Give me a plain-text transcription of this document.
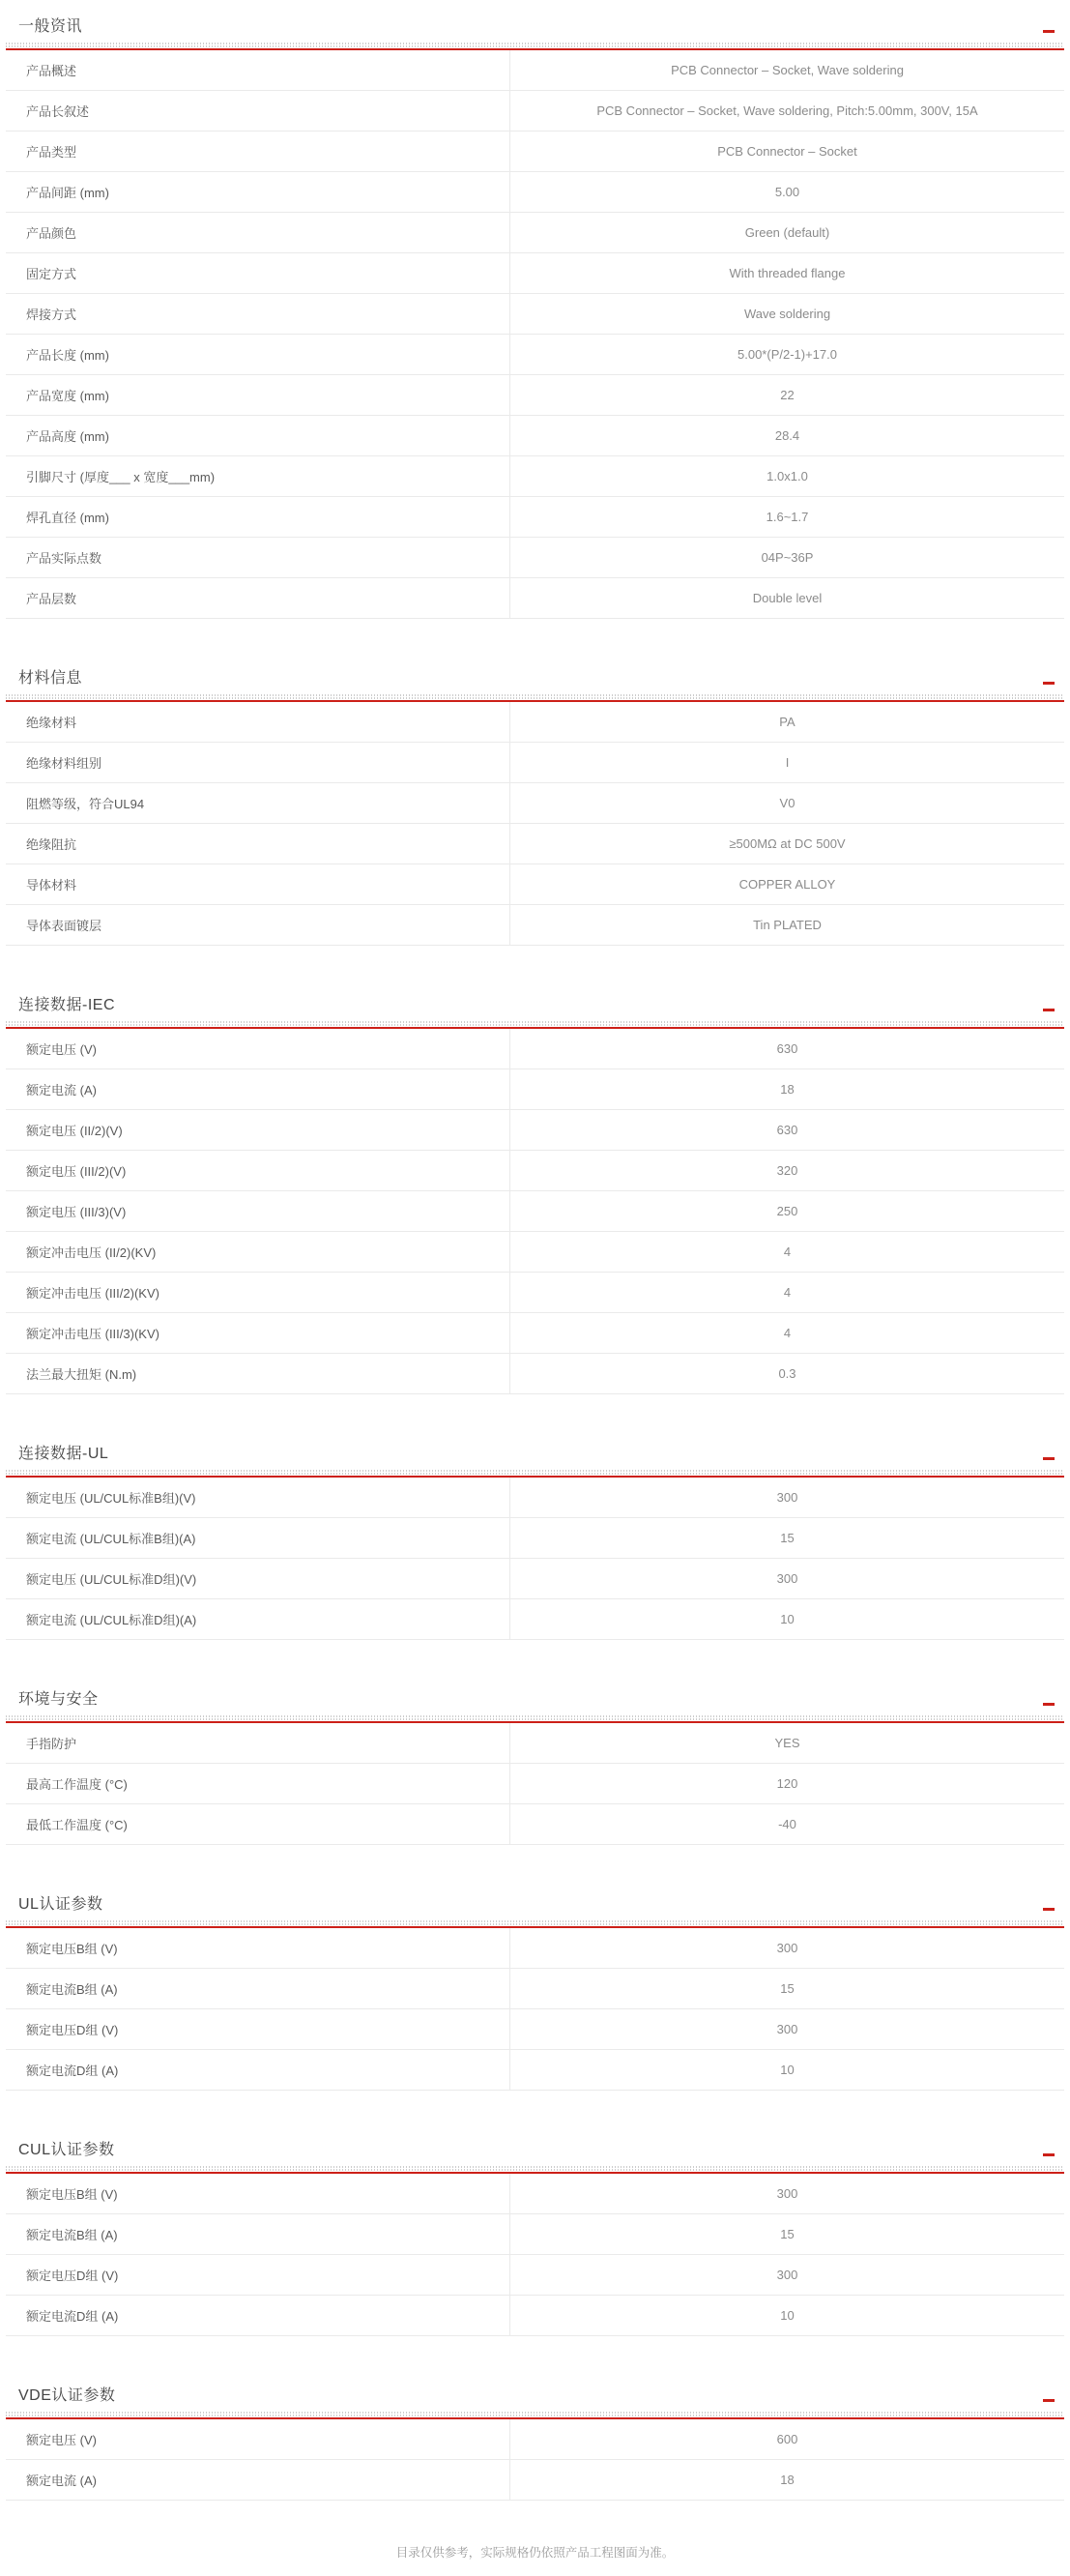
一般资讯
产品概述	PCB Connector – Socket, Wave soldering
产品长叙述	PCB Connector – Socket, Wave soldering, Pitch:5.00mm, 300V, 15A
产品类型	PCB Connector – Socket
产品间距 (mm)	5.00
产品颜色	Green (default)
固定方式	With threaded flange
焊接方式	Wave soldering
产品长度 (mm)	5.00*(P/2-1)+17.0
产品宽度 (mm)	22
产品高度 (mm)	28.4
引脚尺寸 (厚度___ x 宽度___mm)	1.0x1.0
焊孔直径 (mm)	1.6~1.7
产品实际点数	04P~36P
产品层数	Double level
材料信息
绝缘材料	PA
绝缘材料组别	I
阻燃等级，符合UL94	V0
绝缘阻抗	≥500MΩ at DC 500V
导体材料	COPPER ALLOY
导体表面镀层	Tin PLATED
连接数据-IEC
额定电压 (V)	630
额定电流 (A)	18
额定电压 (II/2)(V)	630
额定电压 (III/2)(V)	320
额定电压 (III/3)(V)	250
额定冲击电压 (II/2)(KV)	4
额定冲击电压 (III/2)(KV)	4
额定冲击电压 (III/3)(KV)	4
法兰最大扭矩 (N.m)	0.3
连接数据-UL
额定电压 (UL/CUL标准B组)(V)	300
额定电流 (UL/CUL标准B组)(A)	15
额定电压 (UL/CUL标准D组)(V)	300
额定电流 (UL/CUL标准D组)(A)	10
环境与安全
手指防护	YES
最高工作温度 (°C)	120
最低工作温度 (°C)	-40
UL认证参数
额定电压B组 (V)	300
额定电流B组 (A)	15
额定电压D组 (V)	300
额定电流D组 (A)	10
CUL认证参数
额定电压B组 (V)	300
额定电流B组 (A)	15
额定电压D组 (V)	300
额定电流D组 (A)	10
VDE认证参数
额定电压 (V)	600
额定电流 (A)	18
目录仅供参考，实际规格仍依照产品工程图面为准。
